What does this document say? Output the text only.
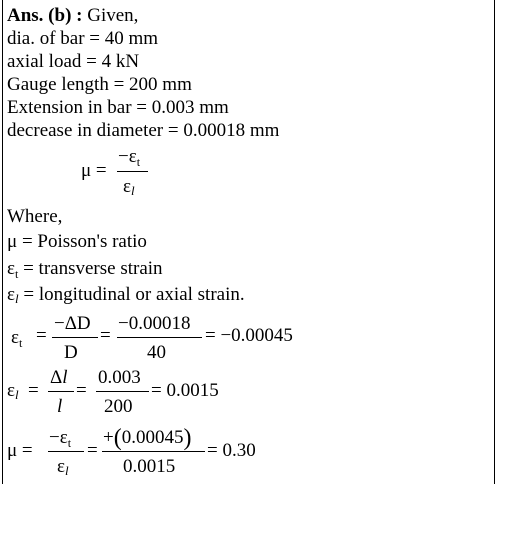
Ans. (b) : Given,
dia. of bar = 40 mm
axial load = 4 kN
Gauge length = 200 mm
Extension in bar = 0.003 mm
decrease in diameter = 0.00018 mm
μ =
$-\varepsilon_t$
εl
Where,
μ = Poisson's ratio
$\varepsilon_t$ = transverse strain
εl = longitudinal or axial strain.
$\varepsilon_t$ =
−ΔD
D
=
−0.00018
40
= −0.00045
εl =
Δl
l
=
0.003
200
= 0.0015
μ =
$-\varepsilon_t$
εl
=
+(0.00045)
0.0015
= 0.30
